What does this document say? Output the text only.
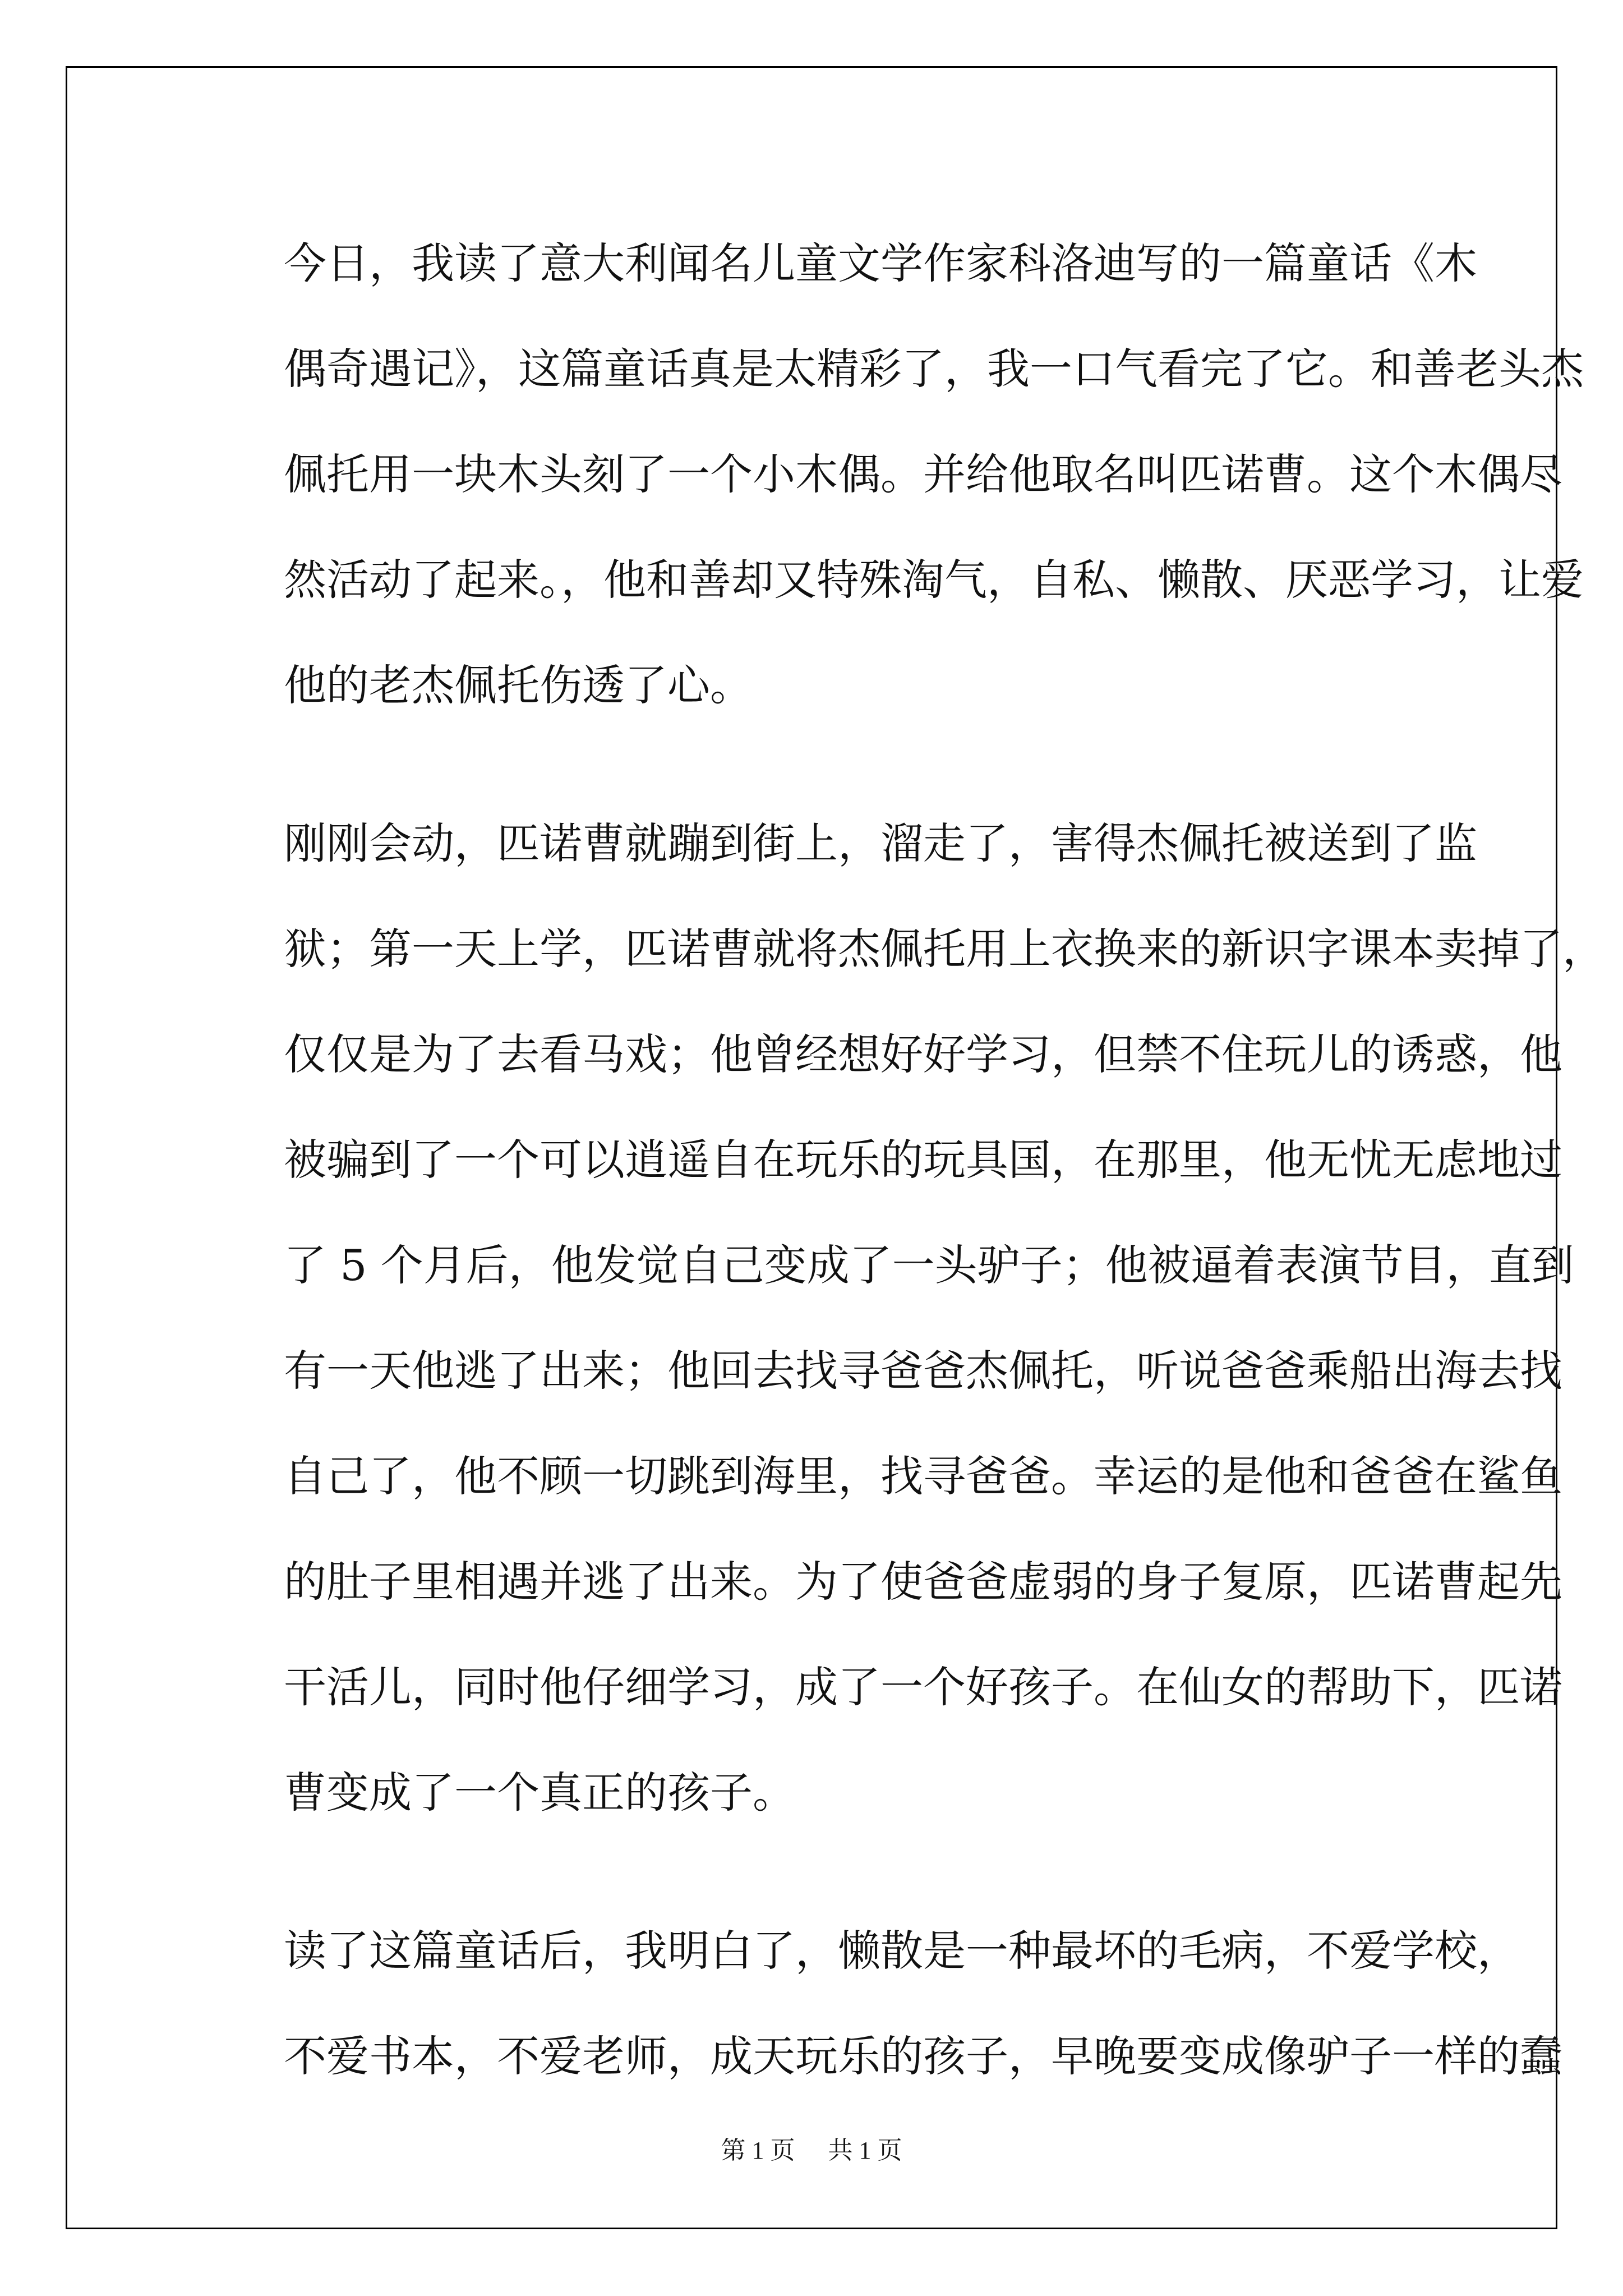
今日，我读了意大利闻名儿童文学作家科洛迪写的一篇童话《木
偶奇遇记》，这篇童话真是太精彩了，我一口气看完了它。和善老头杰
佩托用一块木头刻了一个小木偶。并给他取名叫匹诺曹。这个木偶尽
然活动了起来。，他和善却又特殊淘气，自私、懒散、厌恶学习，让爱
他的老杰佩托伤透了心。

刚刚会动，匹诺曹就蹦到街上，溜走了，害得杰佩托被送到了监
狱；第一天上学，匹诺曹就将杰佩托用上衣换来的新识字课本卖掉了，
仅仅是为了去看马戏；他曾经想好好学习，但禁不住玩儿的诱惑，他
被骗到了一个可以逍遥自在玩乐的玩具国，在那里，他无忧无虑地过
了 5 个月后，他发觉自己变成了一头驴子；他被逼着表演节目，直到
有一天他逃了出来；他回去找寻爸爸杰佩托，听说爸爸乘船出海去找
自己了，他不顾一切跳到海里，找寻爸爸。幸运的是他和爸爸在鲨鱼
的肚子里相遇并逃了出来。为了使爸爸虚弱的身子复原，匹诺曹起先
干活儿，同时他仔细学习，成了一个好孩子。在仙女的帮助下，匹诺
曹变成了一个真正的孩子。

读了这篇童话后，我明白了，懒散是一种最坏的毛病，不爱学校，
不爱书本，不爱老师，成天玩乐的孩子，早晚要变成像驴子一样的蠢

第 1 页 共 1 页
